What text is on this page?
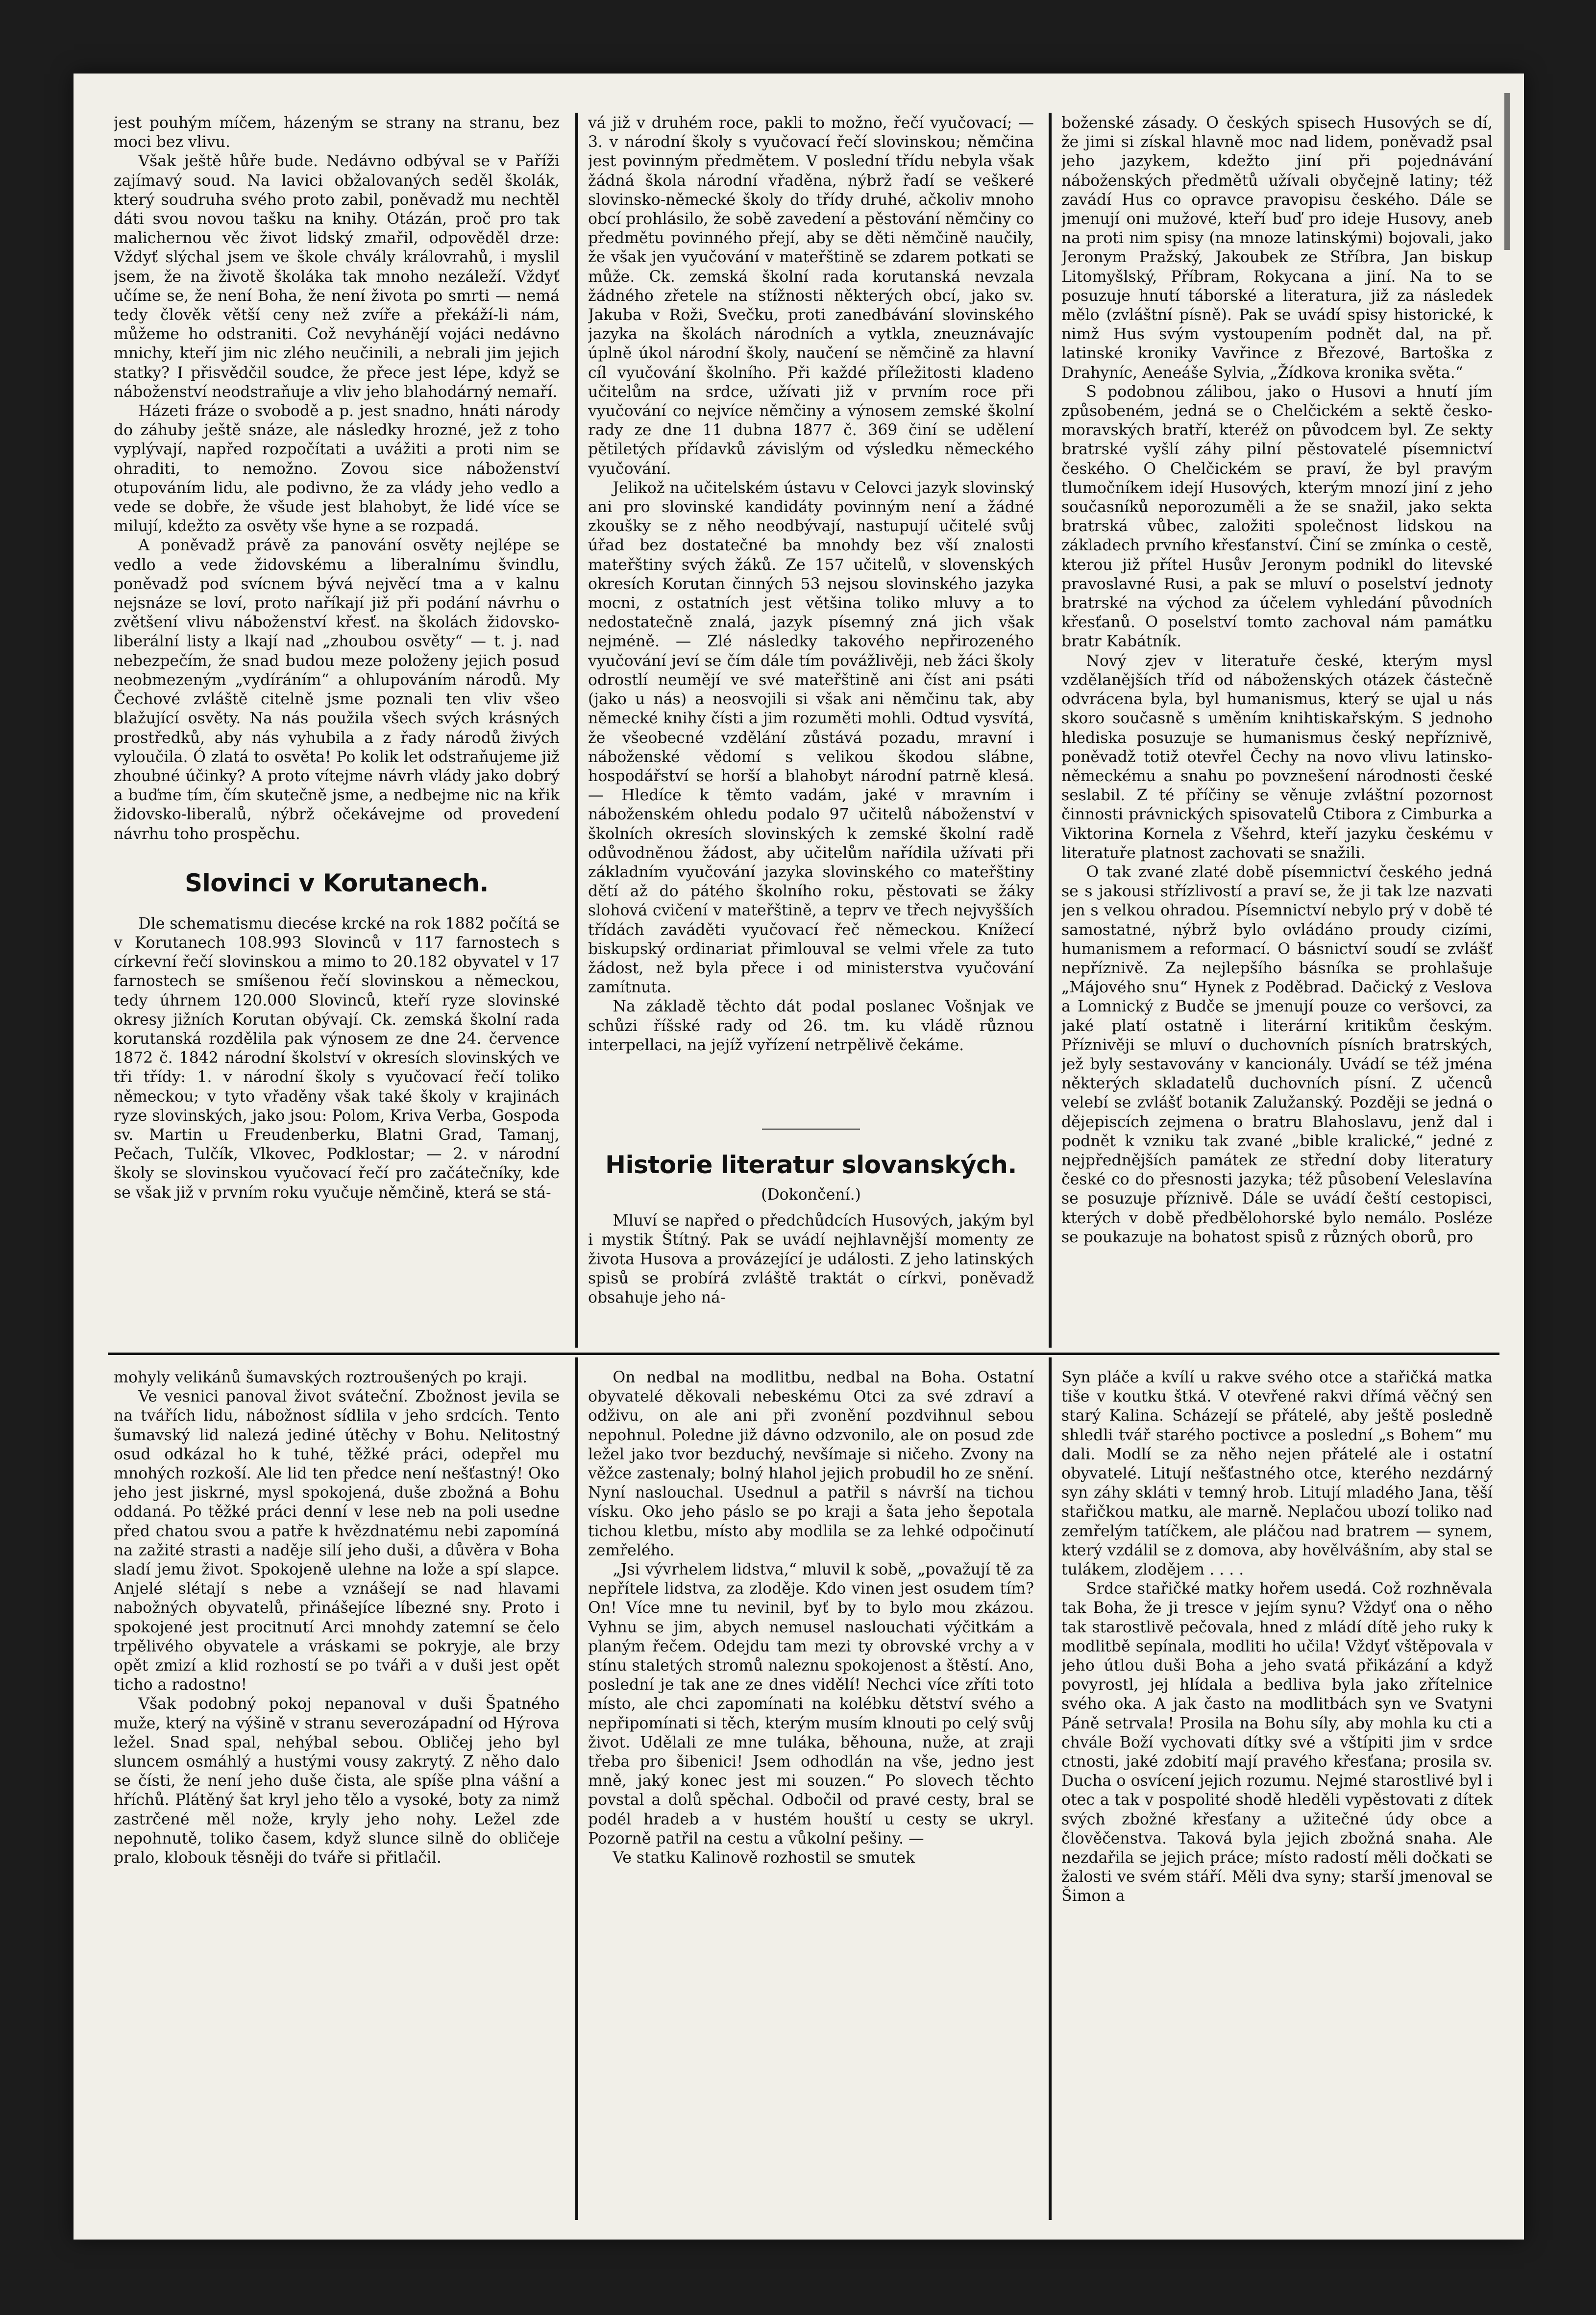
jest pouhým míčem, házeným se strany na stranu, bez moci bez vlivu.

Však ještě hůře bude. Nedávno odbýval se v Paříži zajímavý soud. Na lavici obžalovaných seděl školák, který soudruha svého proto zabil, poněvadž mu nechtěl dáti svou novou tašku na knihy. Otázán, proč pro tak malichernou věc život lidský zmařil, odpověděl drze: Vždyť slýchal jsem ve škole chvály královrahů, i myslil jsem, že na životě školáka tak mnoho nezáleží. Vždyť učíme se, že není Boha, že není života po smrti — nemá tedy člověk větší ceny než zvíře a překáží-li nám, můžeme ho odstraniti. Což nevyhánějí vojáci nedávno mnichy, kteří jim nic zlého neučinili, a nebrali jim jejich statky? I přisvědčil soudce, že přece jest lépe, když se náboženství neodstraňuje a vliv jeho blahodárný nemaří.

Házeti fráze o svobodě a p. jest snadno, hnáti národy do záhuby ještě snáze, ale následky hrozné, jež z toho vyplývají, napřed rozpočítati a uvážiti a proti nim se ohraditi, to nemožno. Zovou sice náboženství otupováním lidu, ale podivno, že za vlády jeho vedlo a vede se dobře, že všude jest blahobyt, že lidé více se milují, kdežto za osvěty vše hyne a se rozpadá.

A poněvadž právě za panování osvěty nejlépe se vedlo a vede židovskému a liberalnímu švindlu, poněvadž pod svícnem bývá nejvěcí tma a v kalnu nejsnáze se loví, proto naříkají již při podání návrhu o zvětšení vlivu náboženství křesť. na školách židovsko-liberální listy a lkají nad „zhoubou osvěty“ — t. j. nad nebezpečím, že snad budou meze položeny jejich posud neobmezeným „vydíráním“ a ohlupováním národů. My Čechové zvláště citelně jsme poznali ten vliv všeo blažující osvěty. Na nás použila všech svých krásných prostředků, aby nás vyhubila a z řady národů živých vyloučila. Ó zlatá to osvěta! Po kolik let odstraňujeme již zhoubné účinky? A proto vítejme návrh vlády jako dobrý a buďme tím, čím skutečně jsme, a nedbejme nic na křik židovsko-liberalů, nýbrž očekávejme od provedení návrhu toho prospěchu.

Slovinci v Korutanech.

Dle schematismu diecése krcké na rok 1882 počítá se v Korutanech 108.993 Slovinců v 117 farnostech s církevní řečí slovinskou a mimo to 20.182 obyvatel v 17 farnostech se smíšenou řečí slovinskou a německou, tedy úhrnem 120.000 Slovinců, kteří ryze slovinské okresy jižních Korutan obývají. Ck. zemská školní rada korutanská rozdělila pak výnosem ze dne 24. července 1872 č. 1842 národní školství v okresích slovinských ve tři třídy: 1. v národní školy s vyučovací řečí toliko německou; v tyto vřaděny však také školy v krajinách ryze slovinských, jako jsou: Polom, Kriva Verba, Gospoda sv. Martin u Freudenberku, Blatni Grad, Tamanj, Pečach, Tulčík, Vlkovec, Podklostar; — 2. v národní školy se slovinskou vyučovací řečí pro začátečníky, kde se však již v prvním roku vyučuje němčině, která se stá-

vá již v druhém roce, pakli to možno, řečí vyučovací; — 3. v národní školy s vyučovací řečí slovinskou; němčina jest povinným předmětem. V poslední třídu nebyla však žádná škola národní vřaděna, nýbrž řadí se veškeré slovinsko-německé školy do třídy druhé, ačkoliv mnoho obcí prohlásilo, že sobě zavedení a pěstování němčiny co předmětu povinného přejí, aby se děti němčině naučily, že však jen vyučování v mateřštině se zdarem potkati se může. Ck. zemská školní rada korutanská nevzala žádného zřetele na stížnosti některých obcí, jako sv. Jakuba v Roži, Svečku, proti zanedbávání slovinského jazyka na školách národních a vytkla, zneuznávajíc úplně úkol národní školy, naučení se němčině za hlavní cíl vyučování školního. Při každé příležitosti kladeno učitelům na srdce, užívati již v prvním roce při vyučování co nejvíce němčiny a výnosem zemské školní rady ze dne 11 dubna 1877 č. 369 činí se udělení pětiletých přídavků závislým od výsledku německého vyučování.

Jelikož na učitelském ústavu v Celovci jazyk slovinský ani pro slovinské kandidáty povinným není a žádné zkoušky se z něho neodbývají, nastupují učitelé svůj úřad bez dostatečné ba mnohdy bez vší znalosti mateřštiny svých žáků. Ze 157 učitelů, v slovenských okresích Korutan činných 53 nejsou slovinského jazyka mocni, z ostatních jest většina toliko mluvy a to nedostatečně znalá, jazyk písemný zná jich však nejméně. — Zlé následky takového nepřirozeného vyučování jeví se čím dále tím povážlivěji, neb žáci školy odrostlí neumějí ve své mateřštině ani číst ani psáti (jako u nás) a neosvojili si však ani němčinu tak, aby německé knihy čísti a jim rozuměti mohli. Odtud vysvítá, že všeobecné vzdělání zůstává pozadu, mravní i náboženské vědomí s velikou škodou slábne, hospodářství se horší a blahobyt národní patrně klesá. — Hledíce k těmto vadám, jaké v mravním i náboženském ohledu podalo 97 učitelů náboženství v školních okresích slovinských k zemské školní radě odůvodněnou žádost, aby učitelům nařídila užívati při základním vyučování jazyka slovinského co mateřštiny dětí až do pátého školního roku, pěstovati se žáky slohová cvičení v mateřštině, a teprv ve třech nejvyšších třídách zaváděti vyučovací řeč německou. Knížecí biskupský ordinariat přimlouval se velmi vřele za tuto žádost, než byla přece i od ministerstva vyučování zamítnuta.

Na základě těchto dát podal poslanec Vošnjak ve schůzi říšské rady od 26. tm. ku vládě různou interpellaci, na jejíž vyřízení netrpělivě čekáme.

Historie literatur slovanských.

(Dokončení.)

Mluví se napřed o předchůdcích Husových, jakým byl i mystik Štítný. Pak se uvádí nejhlavnější momenty ze života Husova a provázející je události. Z jeho latinských spisů se probírá zvláště traktát o církvi, poněvadž obsahuje jeho ná-

boženské zásady. O českých spisech Husových se dí, že jimi si získal hlavně moc nad lidem, poněvadž psal jeho jazykem, kdežto jiní při pojednávání náboženských předmětů užívali obyčejně latiny; též zavádí Hus co opravce pravopisu českého. Dále se jmenují oni mužové, kteří buď pro ideje Husovy, aneb na proti nim spisy (na mnoze latinskými) bojovali, jako Jeronym Pražský, Jakoubek ze Stříbra, Jan biskup Litomyšlský, Příbram, Rokycana a jiní. Na to se posuzuje hnutí táborské a literatura, již za následek mělo (zvláštní písně). Pak se uvádí spisy historické, k nimž Hus svým vystoupením podnět dal, na př. latinské kroniky Vavřince z Březové, Bartoška z Drahyníc, Aeneáše Sylvia, „Žídkova kronika světa.“

S podobnou zálibou, jako o Husovi a hnutí jím způsobeném, jedná se o Chelčickém a sektě česko-moravských bratří, kteréž on původcem byl. Ze sekty bratrské vyšlí záhy pilní pěstovatelé písemnictví českého. O Chelčickém se praví, že byl pravým tlumočníkem idejí Husových, kterým mnozí jiní z jeho současníků neporozuměli a že se snažil, jako sekta bratrská vůbec, založiti společnost lidskou na základech prvního křesťanství. Činí se zmínka o cestě, kterou již přítel Husův Jeronym podnikl do litevské pravoslavné Rusi, a pak se mluví o poselství jednoty bratrské na východ za účelem vyhledání původních křesťanů. O poselství tomto zachoval nám památku bratr Kabátník.

Nový zjev v literatuře české, kterým mysl vzdělanějších tříd od náboženských otázek částečně odvrácena byla, byl humanismus, který se ujal u nás skoro současně s uměním knihtiskařským. S jednoho hlediska posuzuje se humanismus český nepříznivě, poněvadž totiž otevřel Čechy na novo vlivu latinsko-německému a snahu po povznešení národnosti české seslabil. Z té příčiny se věnuje zvláštní pozornost činnosti právnických spisovatelů Ctibora z Cimburka a Viktorina Kornela z Všehrd, kteří jazyku českému v literatuře platnost zachovati se snažili.

O tak zvané zlaté době písemnictví českého jedná se s jakousi střízlivostí a praví se, že ji tak lze nazvati jen s velkou ohradou. Písemnictví nebylo prý v době té samostatné, nýbrž bylo ovládáno proudy cizími, humanismem a reformací. O básnictví soudí se zvlášť nepříznivě. Za nejlepšího básníka se prohlašuje „Májového snu“ Hynek z Poděbrad. Dačický z Veslova a Lomnický z Budče se jmenují pouze co veršovci, za jaké platí ostatně i literární kritikům českým. Příznivěji se mluví o duchovních písních bratrských, jež byly sestavovány v kancionály. Uvádí se též jména některých skladatelů duchovních písní. Z učenců velebí se zvlášť botanik Zalužanský. Později se jedná o dějepiscích zejmena o bratru Blahoslavu, jenž dal i podnět k vzniku tak zvané „bible kralické,“ jedné z nejpřednějších památek ze střední doby literatury české co do přesnosti jazyka; též působení Veleslavína se posuzuje příznivě. Dále se uvádí čeští cestopisci, kterých v době předbělohorské bylo nemálo. Posléze se poukazuje na bohatost spisů z různých oborů, pro

mohyly velikánů šumavských roztroušených po kraji.

Ve vesnici panoval život sváteční. Zbožnost jevila se na tvářích lidu, nábožnost sídlila v jeho srdcích. Tento šumavský lid nalezá jediné útěchy v Bohu. Nelitostný osud odkázal ho k tuhé, těžké práci, odepřel mu mnohých rozkoší. Ale lid ten předce není nešťastný! Oko jeho jest jiskrné, mysl spokojená, duše zbožná a Bohu oddaná. Po těžké práci denní v lese neb na poli usedne před chatou svou a patře k hvězdnatému nebi zapomíná na zažité strasti a naděje silí jeho duši, a důvěra v Boha sladí jemu život. Spokojeně ulehne na lože a spí slapce. Anjelé slétají s nebe a vznášejí se nad hlavami nabožných obyvatelů, přinášejíce líbezné sny. Proto i spokojené jest procitnutí Arci mnohdy zatemní se čelo trpělivého obyvatele a vráskami se pokryje, ale brzy opět zmizí a klid rozhostí se po tváři a v duši jest opět ticho a radostno!

Však podobný pokoj nepanoval v duši Špatného muže, který na výšině v stranu severozápadní od Hýrova ležel. Snad spal, nehýbal sebou. Obličej jeho byl sluncem osmáhlý a hustými vousy zakrytý. Z něho dalo se čísti, že není jeho duše čista, ale spíše plna vášní a hříchů. Plátěný šat kryl jeho tělo a vysoké, boty za nimž zastrčené měl nože, kryly jeho nohy. Ležel zde nepohnutě, toliko časem, když slunce silně do obličeje pralo, klobouk těsněji do tváře si přitlačil.

On nedbal na modlitbu, nedbal na Boha. Ostatní obyvatelé děkovali nebeskému Otci za své zdraví a odživu, on ale ani při zvonění pozdvihnul sebou nepohnul. Poledne již dávno odzvonilo, ale on posud zde ležel jako tvor bezduchý, nevšímaje si ničeho. Zvony na věžce zastenaly; bolný hlahol jejich probudil ho ze snění. Nyní naslouchal. Usednul a patřil s návrší na tichou vísku. Oko jeho páslo se po kraji a šata jeho šepotala tichou kletbu, místo aby modlila se za lehké odpočinutí zemřelého.

„Jsi vývrhelem lidstva,“ mluvil k sobě, „považují tě za nepřítele lidstva, za zloděje. Kdo vinen jest osudem tím? On! Více mne tu nevinil, byť by to bylo mou zkázou. Vyhnu se jim, abych nemusel naslouchati výčitkám a planým řečem. Odejdu tam mezi ty obrovské vrchy a v stínu staletých stromů naleznu spokojenost a štěstí. Ano, poslední je tak ane ze dnes vidělí! Nechci více zříti toto místo, ale chci zapomínati na kolébku dětství svého a nepřipomínati si těch, kterým musím klnouti po celý svůj život. Udělali ze mne tuláka, běhouna, nuže, at zraji třeba pro šibenici! Jsem odhodlán na vše, jedno jest mně, jaký konec jest mi souzen.“ Po slovech těchto povstal a dolů spěchal. Odbočil od pravé cesty, bral se podél hradeb a v hustém houští u cesty se ukryl. Pozorně patřil na cestu a vůkolní pešiny. —

Ve statku Kalinově rozhostil se smutek

Syn pláče a kvílí u rakve svého otce a stařičká matka tiše v koutku štká. V otevřené rakvi dřímá věčný sen starý Kalina. Scházejí se přátelé, aby ještě posledně shledli tvář starého poctivce a poslední „s Bohem“ mu dali. Modlí se za něho nejen přátelé ale i ostatní obyvatelé. Litují nešťastného otce, kterého nezdárný syn záhy skláti v temný hrob. Litují mladého Jana, těší stařičkou matku, ale marně. Neplačou ubozí toliko nad zemřelým tatíčkem, ale pláčou nad bratrem — synem, který vzdálil se z domova, aby hovělvášním, aby stal se tulákem, zlodějem . . . .

Srdce stařičké matky hořem usedá. Což rozhněvala tak Boha, že ji tresce v jejím synu? Vždyť ona o něho tak starostlivě pečovala, hned z mládí dítě jeho ruky k modlitbě sepínala, modliti ho učila! Vždyť vštěpovala v jeho útlou duši Boha a jeho svatá přikázání a když povyrostl, jej hlídala a bedliva byla jako zřítelnice svého oka. A jak často na modlitbách syn ve Svatyni Páně setrvala! Prosila na Bohu síly, aby mohla ku cti a chvále Boží vychovati dítky své a vštípiti jim v srdce ctnosti, jaké zdobití mají pravého křesťana; prosila sv. Ducha o osvícení jejich rozumu. Nejmé starostlivé byl i otec a tak v pospolité shodě hleděli vypěstovati z dítek svých zbožné křesťany a užitečné údy obce a člověčenstva. Taková byla jejich zbožná snaha. Ale nezdařila se jejich práce; místo radostí měli dočkati se žalosti ve svém stáří. Měli dva syny; starší jmenoval se Šimon a
